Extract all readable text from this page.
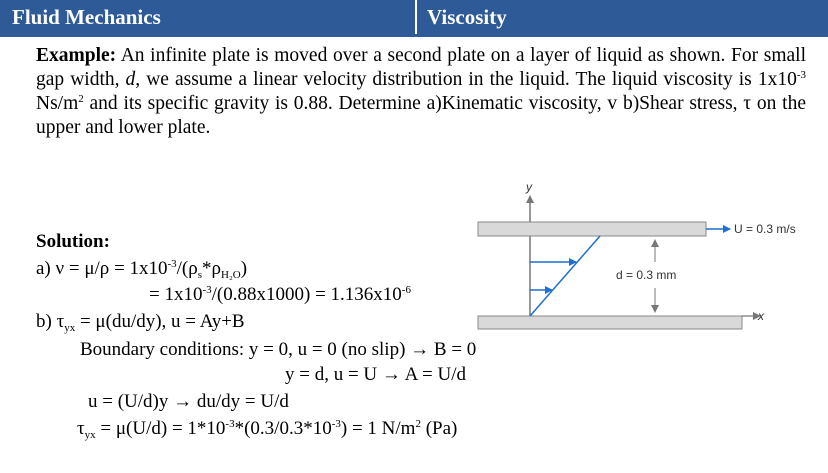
Fluid Mechanics	Viscosity
Example: An infinite plate is moved over a second plate on a layer of liquid as shown. For small gap width, d, we assume a linear velocity distribution in the liquid. The liquid viscosity is $1x10^{-3}$ $Ns/m^2$ and its specific gravity is 0.88. Determine a)Kinematic viscosity, v b)Shear stress, τ on the upper and lower plate.
y
U = 0.3 m/s
x
d = 0.3 mm
Solution:
a) $\nu = \mu/\rho = 1x10^{-3}/(\rho_s*\rho_{H_2O})$
= $1x10^{-3}/(0.88x1000) = 1.136x10^{-6}$
b) $\tau_{yx} = \mu(du/dy)$, u = Ay+B
Boundary conditions: y = 0, u = 0 (no slip) → B = 0
y = d, u = U → A = U/d
u = (U/d)y → du/dy = U/d
$\tau_{yx} = \mu(U/d) = 1*10^{-3}*(0.3/0.3*10^{-3}) = 1$ $N/m^2$ (Pa)
